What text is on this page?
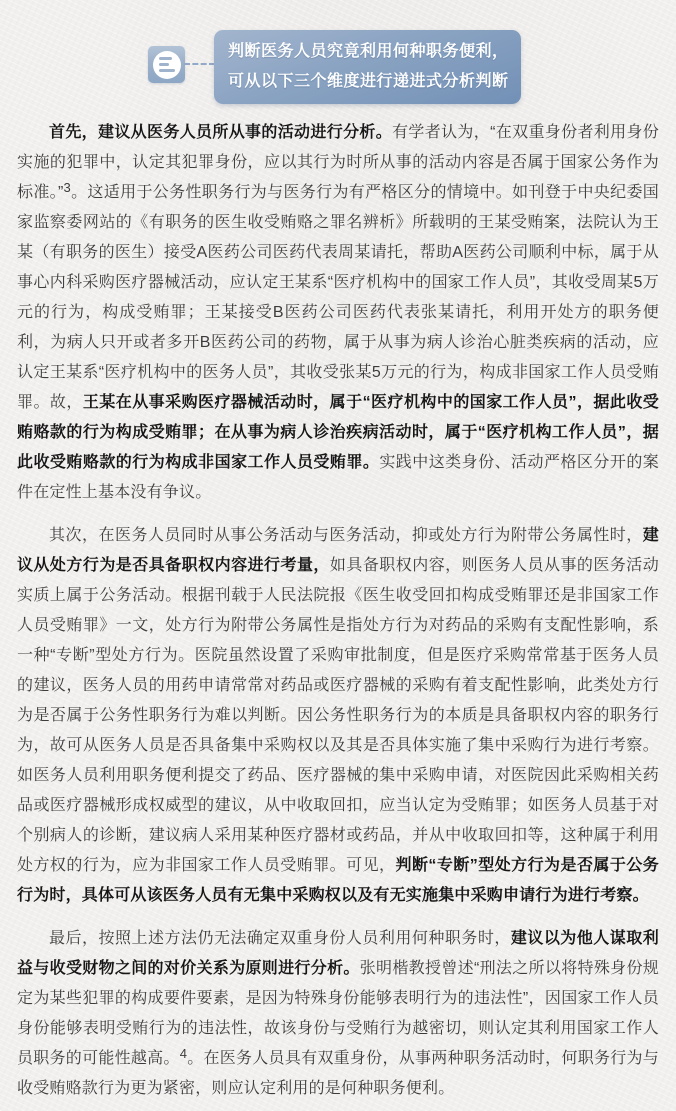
判断医务人员究竟利用何种职务便利，
可从以下三个维度进行递进式分析判断

首先，建议从医务人员所从事的活动进行分析。有学者认为，“在双重身份者利用身份实施的犯罪中，认定其犯罪身份，应以其行为时所从事的活动内容是否属于国家公务作为标准。”$^3$。这适用于公务性职务行为与医务行为有严格区分的情境中。如刊登于中央纪委国家监察委网站的《有职务的医生收受贿赂之罪名辨析》所载明的王某受贿案，法院认为王某（有职务的医生）接受A医药公司医药代表周某请托，帮助A医药公司顺利中标，属于从事心内科采购医疗器械活动，应认定王某系“医疗机构中的国家工作人员”，其收受周某5万元的行为，构成受贿罪；王某接受B医药公司医药代表张某请托，利用开处方的职务便利，为病人只开或者多开B医药公司的药物，属于从事为病人诊治心脏类疾病的活动，应认定王某系“医疗机构中的医务人员”，其收受张某5万元的行为，构成非国家工作人员受贿罪。故，王某在从事采购医疗器械活动时，属于“医疗机构中的国家工作人员”，据此收受贿赂款的行为构成受贿罪；在从事为病人诊治疾病活动时，属于“医疗机构工作人员”，据此收受贿赂款的行为构成非国家工作人员受贿罪。实践中这类身份、活动严格区分开的案件在定性上基本没有争议。

其次，在医务人员同时从事公务活动与医务活动，抑或处方行为附带公务属性时，建议从处方行为是否具备职权内容进行考量，如具备职权内容，则医务人员从事的医务活动实质上属于公务活动。根据刊载于人民法院报《医生收受回扣构成受贿罪还是非国家工作人员受贿罪》一文，处方行为附带公务属性是指处方行为对药品的采购有支配性影响，系一种“专断”型处方行为。医院虽然设置了采购审批制度，但是医疗采购常常基于医务人员的建议，医务人员的用药申请常常对药品或医疗器械的采购有着支配性影响，此类处方行为是否属于公务性职务行为难以判断。因公务性职务行为的本质是具备职权内容的职务行为，故可从医务人员是否具备集中采购权以及其是否具体实施了集中采购行为进行考察。如医务人员利用职务便利提交了药品、医疗器械的集中采购申请，对医院因此采购相关药品或医疗器械形成权威型的建议，从中收取回扣，应当认定为受贿罪；如医务人员基于对个别病人的诊断，建议病人采用某种医疗器材或药品，并从中收取回扣等，这种属于利用处方权的行为，应为非国家工作人员受贿罪。可见，判断“专断”型处方行为是否属于公务行为时，具体可从该医务人员有无集中采购权以及有无实施集中采购申请行为进行考察。

最后，按照上述方法仍无法确定双重身份人员利用何种职务时，建议以为他人谋取利益与收受财物之间的对价关系为原则进行分析。张明楷教授曾述“刑法之所以将特殊身份规定为某些犯罪的构成要件要素，是因为特殊身份能够表明行为的违法性”，因国家工作人员身份能够表明受贿行为的违法性，故该身份与受贿行为越密切，则认定其利用国家工作人员职务的可能性越高。$^4$。在医务人员具有双重身份，从事两种职务活动时，何职务行为与收受贿赂款行为更为紧密，则应认定利用的是何种职务便利。
